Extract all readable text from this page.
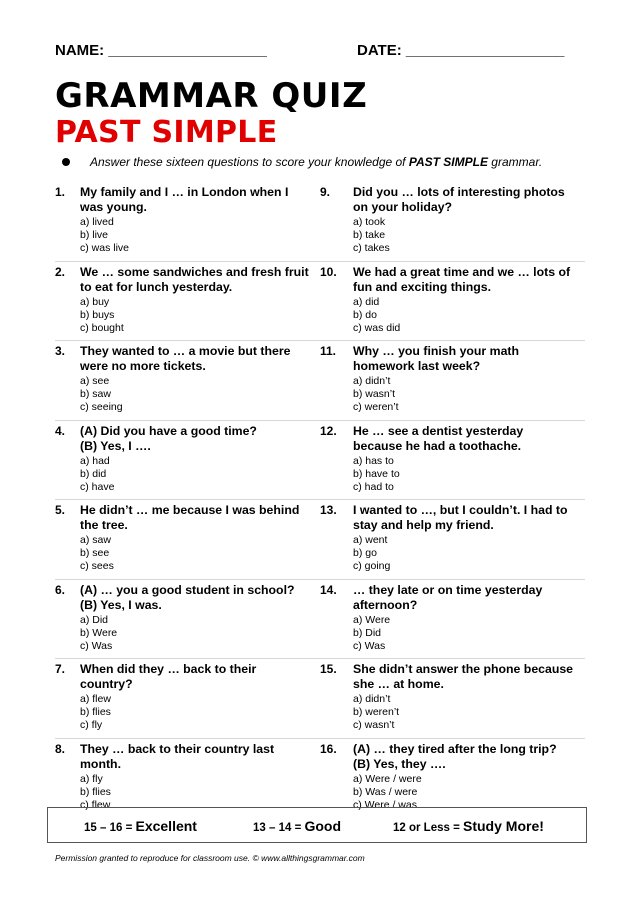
NAME: ___________________	DATE: ___________________
GRAMMAR QUIZ
PAST SIMPLE
Answer these sixteen questions to score your knowledge of PAST SIMPLE grammar.
1.	My family and I … in London when I was young.
a) lived
b) live
c) was live
9.	Did you … lots of interesting photos on your holiday?
a) took
b) take
c) takes
2.	We … some sandwiches and fresh fruit to eat for lunch yesterday.
a) buy
b) buys
c) bought
10.	We had a great time and we … lots of fun and exciting things.
a) did
b) do
c) was did
3.	They wanted to … a movie but there were no more tickets.
a) see
b) saw
c) seeing
11.	Why … you finish your math homework last week?
a) didn’t
b) wasn’t
c) weren’t
4.	(A) Did you have a good time?
(B) Yes, I ….
a) had
b) did
c) have
12.	He … see a dentist yesterday because he had a toothache.
a) has to
b) have to
c) had to
5.	He didn’t … me because I was behind the tree.
a) saw
b) see
c) sees
13.	I wanted to …, but I couldn’t. I had to stay and help my friend.
a) went
b) go
c) going
6.	(A) … you a good student in school?
(B) Yes, I was.
a) Did
b) Were
c) Was
14.	… they late or on time yesterday afternoon?
a) Were
b) Did
c) Was
7.	When did they … back to their country?
a) flew
b) flies
c) fly
15.	She didn’t answer the phone because she … at home.
a) didn’t
b) weren’t
c) wasn’t
8.	They … back to their country last month.
a) fly
b) flies
c) flew
16.	(A) … they tired after the long trip?
(B) Yes, they ….
a) Were / were
b) Was / were
c) Were / was
15 – 16 = Excellent	13 – 14 = Good	12 or Less = Study More!
Permission granted to reproduce for classroom use. © www.allthingsgrammar.com
